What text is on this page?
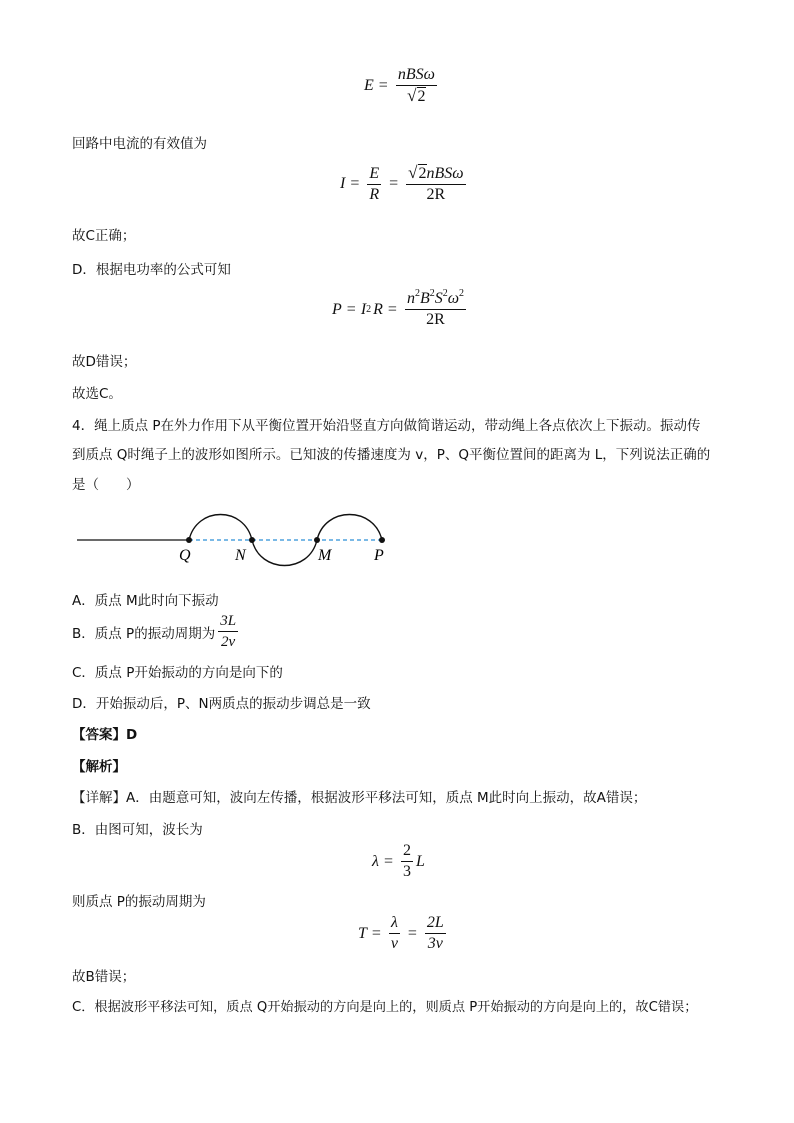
$E = \frac{\text{nBSω}}{√ 2}$
回路中电流的有效值为
$I = \frac{E}{R} = \frac{\text{√ 2 nBSω}}{2R}$
故C正确；
D．根据电功率的公式可知
P = I 2 $R = \frac{n^2B^2S^2\omega^2}{2R}$
故D错误；
故选C。
4．绳上质点 P在外力作用下从平衡位置开始沿竖直方向做简谐运动，带动绳上各点依次上下振动。振动传
到质点 Q时绳子上的波形如图所示。已知波的传播速度为 v，P、Q平衡位置间的距离为 L，下列说法正确的
是（　　）
Q	N	M	P
A．质点 M此时向下振动
B．质点 P的振动周期为 $\frac{3L}{2v}$
C．质点 P开始振动的方向是向下的
D．开始振动后，P、N两质点的振动步调总是一致
【答案】D
【解析】
【详解】A．由题意可知，波向左传播，根据波形平移法可知，质点 M此时向上振动，故A错误；
B．由图可知，波长为
$\lambda = \frac{2}{3}$ L
则质点 P的振动周期为
$T = \frac{\lambda}{v} = \frac{2L}{3v}$
故B错误；
C．根据波形平移法可知，质点 Q开始振动的方向是向上的，则质点 P开始振动的方向是向上的，故C错误；
